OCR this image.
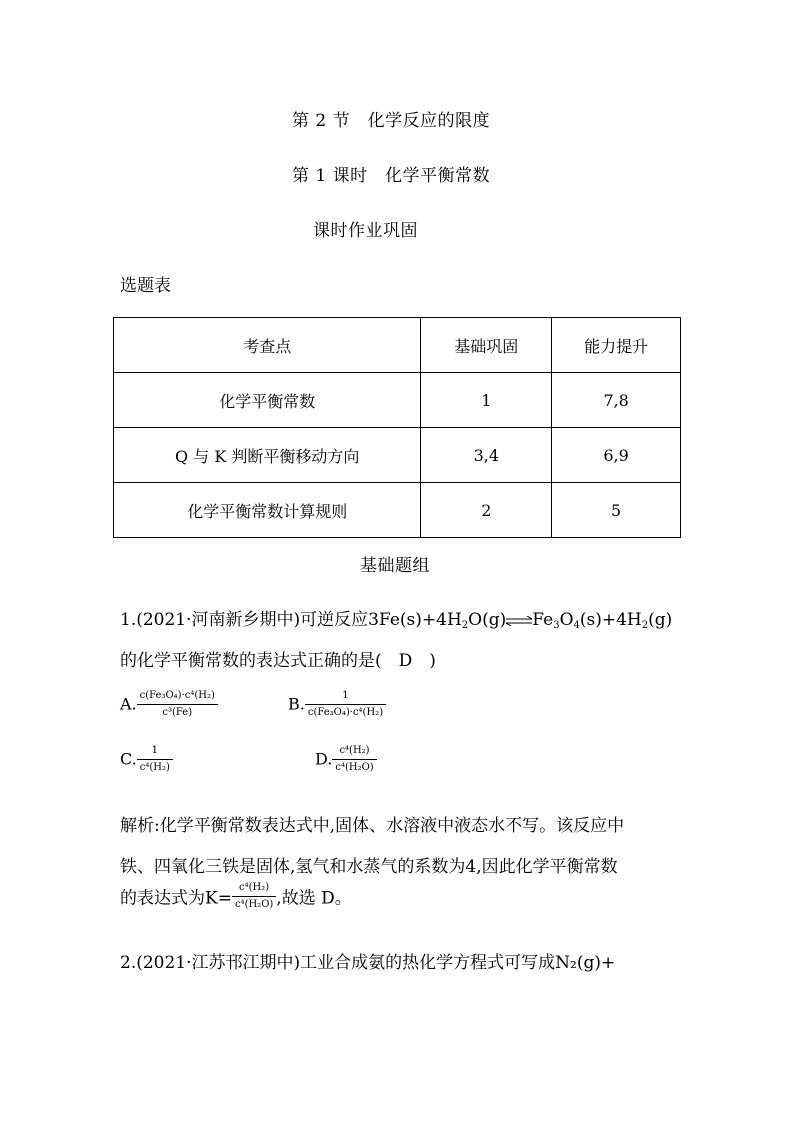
第 2 节　化学反应的限度
第 1 课时　化学平衡常数
课时作业巩固
选题表
考查点	基础巩固	能力提升
化学平衡常数	1	7,8
Q 与 K 判断平衡移动方向	3,4	6,9
化学平衡常数计算规则	2	5
基础题组
1.(2021·河南新乡期中)可逆反应$3Fe(s)+4H_2O(g)\rightleftharpoons Fe_3O_4(s)+4H_2(g)$
的化学平衡常数的表达式正确的是(　D　)
A. $\frac{\text{c(Fe₃O₄)·c⁴(H₂)}}{\text{c³(Fe)}}$	B. $\frac{1}{\text{c(Fe₃O₄)·c⁴(H₂)}}$
C. $\frac{1}{\text{c⁴(H₂)}}$	D. $\frac{\text{c⁴(H₂)}}{\text{c⁴(H₂O)}}$
解析:化学平衡常数表达式中,固体、水溶液中液态水不写。该反应中
铁、四氧化三铁是固体,氢气和水蒸气的系数为4,因此化学平衡常数
的表达式为$K= \frac{\text{c⁴(H₂)}}{\text{c⁴(H₂O)}}$ ,故选 D。
2.(2021·江苏邗江期中)工业合成氨的热化学方程式可写成N₂(g)+
